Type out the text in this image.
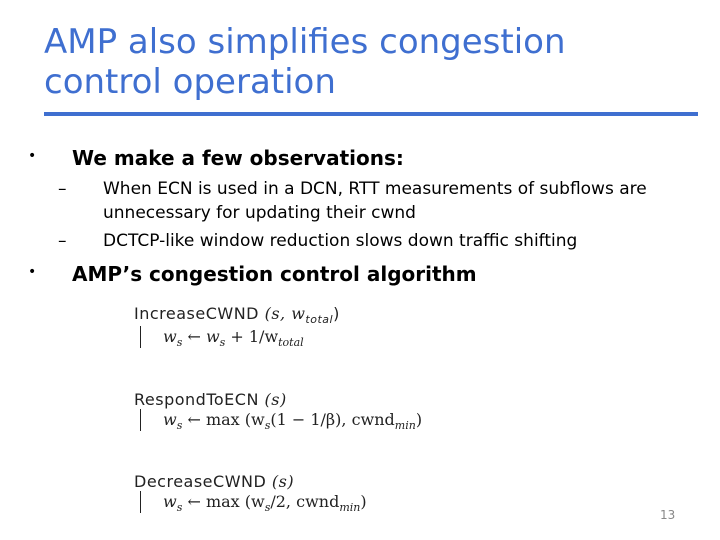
AMP also simplifies congestion
control operation
• We make a few observations:
– When ECN is used in a DCN, RTT measurements of subflows are unnecessary for updating their cwnd
– DCTCP-like window reduction slows down traffic shifting
• AMP’s congestion control algorithm
IncreaseCWND (s, $w_{total}$)
$w_s$ ← $w_s + 1/w_{total}$
RespondToECN (s)
$w_s$ ← $\max (w_s(1 - 1/\beta)$, cwnd$_{min}$)
DecreaseCWND (s)
$w_s$ ← $\max (w_s/2$, cwnd$_{min}$)
13
